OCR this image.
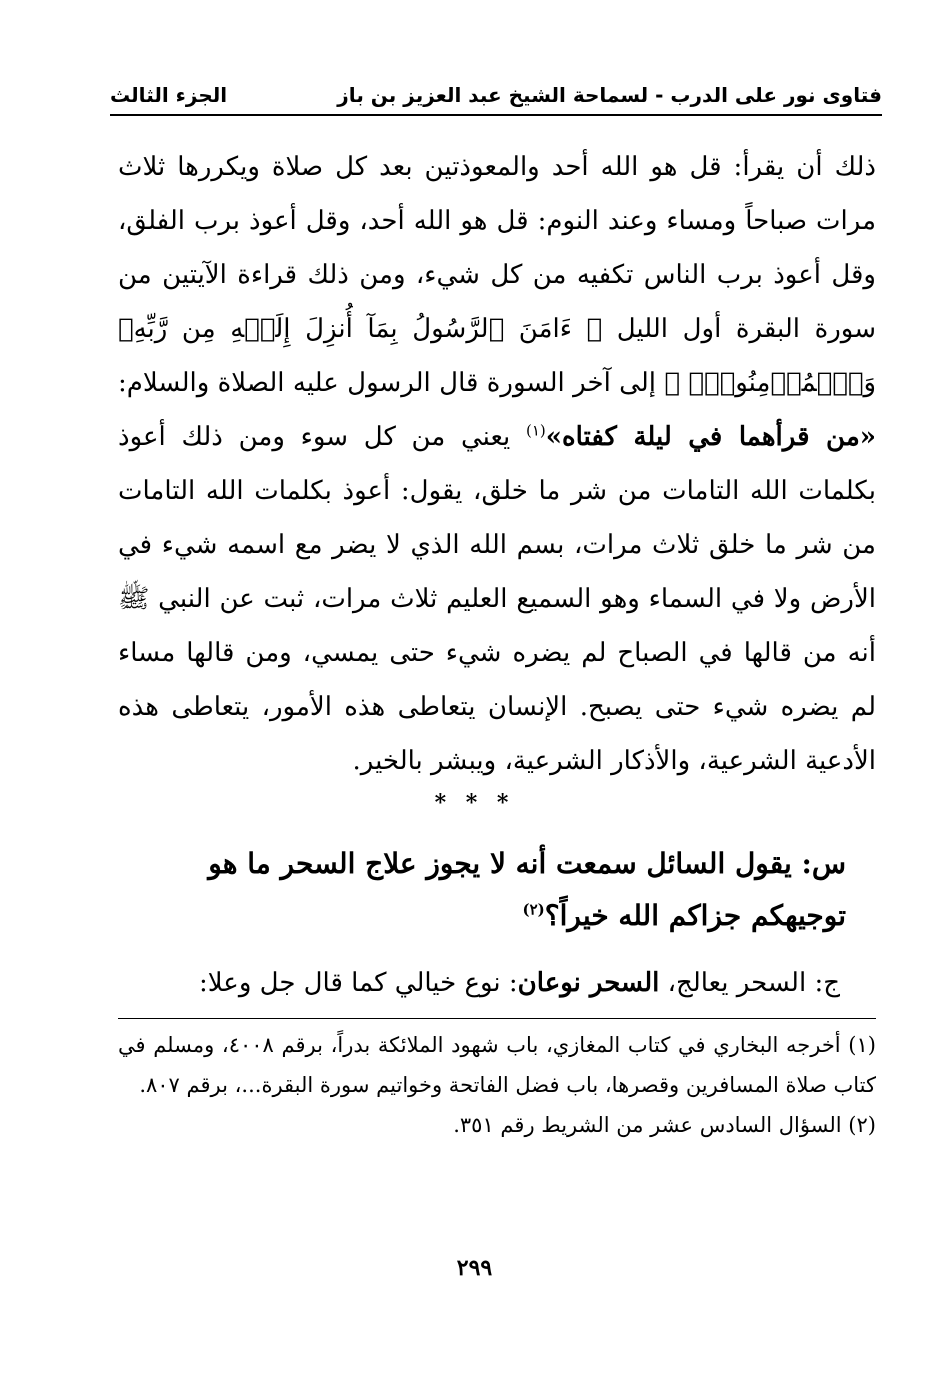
فتاوى نور على الدرب - لسماحة الشيخ عبد العزيز بن باز
الجزء الثالث

ذلك أن يقرأ: قل هو الله أحد والمعوذتين بعد كل صلاة ويكررها ثلاث مرات صباحاً ومساء وعند النوم: قل هو الله أحد، وقل أعوذ برب الفلق، وقل أعوذ برب الناس تكفيه من كل شيء، ومن ذلك قراءة الآيتين من سورة البقرة أول الليل ﴿ ءَامَنَ ٱلرَّسُولُ بِمَآ أُنزِلَ إِلَيۡهِ مِن رَّبِّهِۦ وَٱلۡمُؤۡمِنُونَۚ ﴾ إلى آخر السورة قال الرسول عليه الصلاة والسلام: «من قرأهما في ليلة كفتاه»$^{(١)}$ يعني من كل سوء ومن ذلك أعوذ بكلمات الله التامات من شر ما خلق، يقول: أعوذ بكلمات الله التامات من شر ما خلق ثلاث مرات، بسم الله الذي لا يضر مع اسمه شيء في الأرض ولا في السماء وهو السميع العليم ثلاث مرات، ثبت عن النبي ﷺ أنه من قالها في الصباح لم يضره شيء حتى يمسي، ومن قالها مساء لم يضره شيء حتى يصبح. الإنسان يتعاطى هذه الأمور، يتعاطى هذه الأدعية الشرعية، والأذكار الشرعية، ويبشر بالخير.

* * *
س: يقول السائل سمعت أنه لا يجوز علاج السحر ما هو توجيهكم جزاكم الله خيراً؟$^{(٢)}$
ج: السحر يعالج، السحر نوعان: نوع خيالي كما قال جل وعلا:

(١) أخرجه البخاري في كتاب المغازي، باب شهود الملائكة بدراً، برقم ٤٠٠٨، ومسلم في كتاب صلاة المسافرين وقصرها، باب فضل الفاتحة وخواتيم سورة البقرة...، برقم ٨٠٧.

(٢) السؤال السادس عشر من الشريط رقم ٣٥١.

٢٩٩
